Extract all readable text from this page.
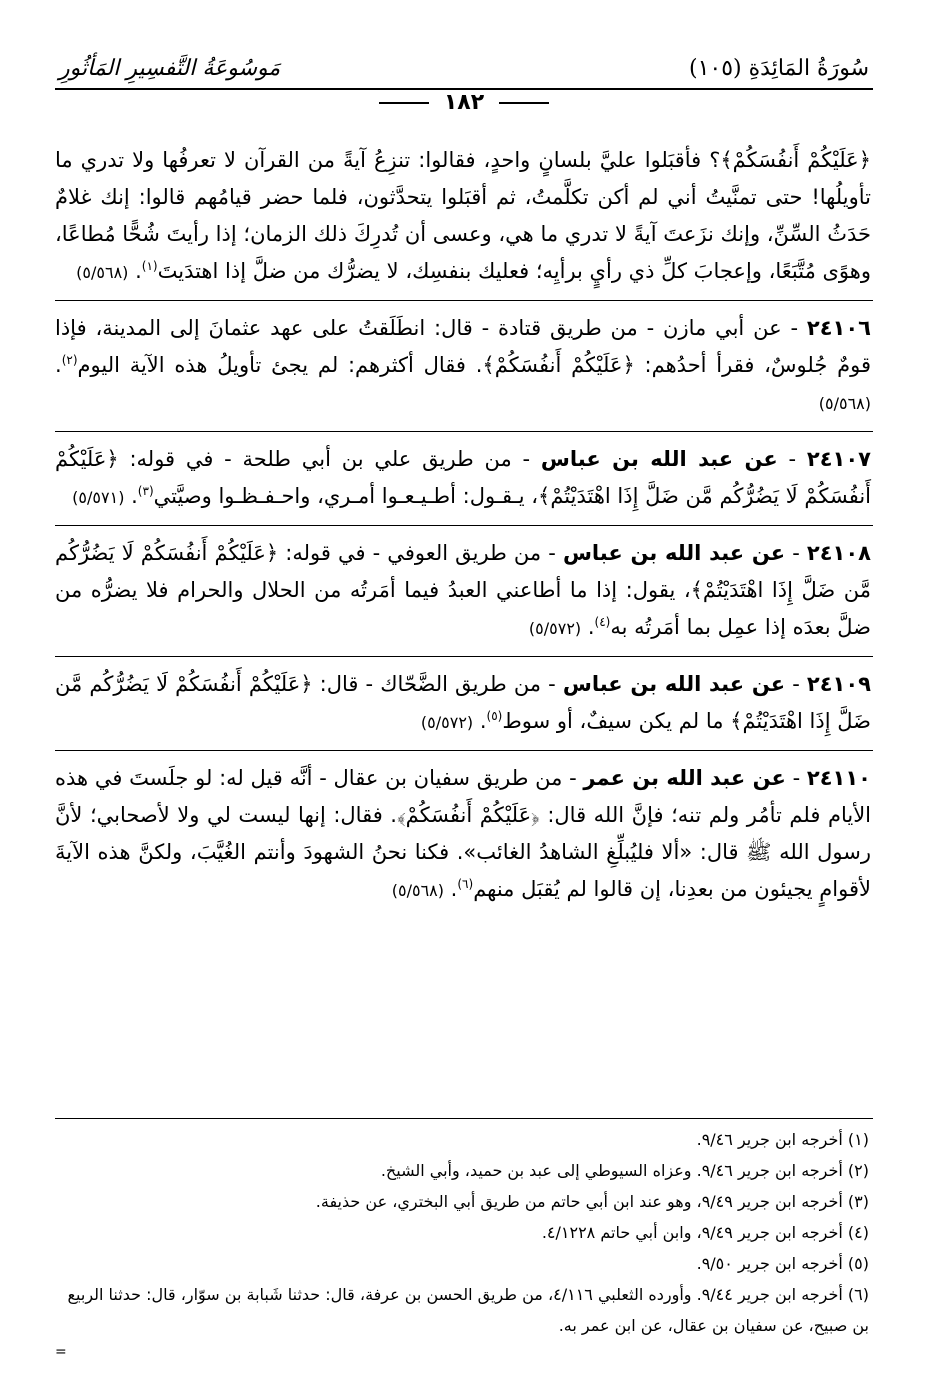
سُورَةُ المَائِدَةِ (١٠٥)
مَوسُوعَةُ التَّفسِيرِ المَأثُورِ
١٨٢

﴿عَلَيْكُمْ أَنفُسَكُمْ﴾؟ فأقبَلوا عليَّ بلسانٍ واحدٍ، فقالوا: تنزِعُ آيةً من القرآن لا تعرفُها ولا تدري ما تأويلُها! حتى تمنَّيتُ أني لم أكن تكلَّمتُ، ثم أقبَلوا يتحدَّثون، فلما حضر قيامُهم قالوا: إنك غلامٌ حَدَثُ السِّنِّ، وإنك نزَعتَ آيةً لا تدري ما هي، وعسى أن تُدرِكَ ذلك الزمان؛ إذا رأيتَ شُحًّا مُطاعًا، وهوًى مُتَّبَعًا، وإعجابَ كلِّ ذي رأيٍ برأيِه؛ فعليك بنفسِك، لا يضرُّك من ضلَّ إذا اهتدَيتَ$^{(١)}$. (٥/٥٦٨)

٢٤١٠٦ - عن أبي مازن - من طريق قتادة - قال: انطَلَقتُ على عهد عثمانَ إلى المدينة، فإذا قومٌ جُلوسٌ، فقرأ أحدُهم: ﴿عَلَيْكُمْ أَنفُسَكُمْ﴾. فقال أكثرهم: لم يجئ تأويلُ هذه الآية اليوم$^{(٢)}$. (٥/٥٦٨)

٢٤١٠٧ - عن عبد الله بن عباس - من طريق علي بن أبي طلحة - في قوله: ﴿عَلَيْكُمْ أَنفُسَكُمْ لَا يَضُرُّكُم مَّن ضَلَّ إِذَا اهْتَدَيْتُمْ﴾، يـقـول: أطـيـعـوا أمـري، واحـفـظـوا وصيَّتي$^{(٣)}$. (٥/٥٧١)

٢٤١٠٨ - عن عبد الله بن عباس - من طريق العوفي - في قوله: ﴿عَلَيْكُمْ أَنفُسَكُمْ لَا يَضُرُّكُم مَّن ضَلَّ إِذَا اهْتَدَيْتُمْ﴾، يقول: إذا ما أطاعني العبدُ فيما أمَرتُه من الحلال والحرام فلا يضرُّه من ضلَّ بعدَه إذا عمِل بما أمَرتُه به$^{(٤)}$. (٥/٥٧٢)

٢٤١٠٩ - عن عبد الله بن عباس - من طريق الضَّحّاك - قال: ﴿عَلَيْكُمْ أَنفُسَكُمْ لَا يَضُرُّكُم مَّن ضَلَّ إِذَا اهْتَدَيْتُمْ﴾ ما لم يكن سيفٌ، أو سوط$^{(٥)}$. (٥/٥٧٢)

٢٤١١٠ - عن عبد الله بن عمر - من طريق سفيان بن عقال - أنَّه قيل له: لو جلَستَ في هذه الأيام فلم تأمُر ولم تنه؛ فإنَّ الله قال: ﴿عَلَيْكُمْ أَنفُسَكُمْ﴾. فقال: إنها ليست لي ولا لأصحابي؛ لأنَّ رسول الله ﷺ قال: «ألا فليُبلِّغِ الشاهدُ الغائب». فكنا نحنُ الشهودَ وأنتم الغُيَّبَ، ولكنَّ هذه الآيةَ لأقوامٍ يجيئون من بعدِنا، إن قالوا لم يُقبَل منهم$^{(٦)}$. (٥/٥٦٨)

(١) أخرجه ابن جرير ٩/٤٦.

(٢) أخرجه ابن جرير ٩/٤٦. وعزاه السيوطي إلى عبد بن حميد، وأبي الشيخ.

(٣) أخرجه ابن جرير ٩/٤٩، وهو عند ابن أبي حاتم من طريق أبي البختري، عن حذيفة.

(٤) أخرجه ابن جرير ٩/٤٩، وابن أبي حاتم ٤/١٢٢٨.

(٥) أخرجه ابن جرير ٩/٥٠.

(٦) أخرجه ابن جرير ٩/٤٤. وأورده الثعلبي ٤/١١٦، من طريق الحسن بن عرفة، قال: حدثنا شَبابة بن سوّار، قال: حدثنا الربيع بن صبيح، عن سفيان بن عقال، عن ابن عمر به.

=
